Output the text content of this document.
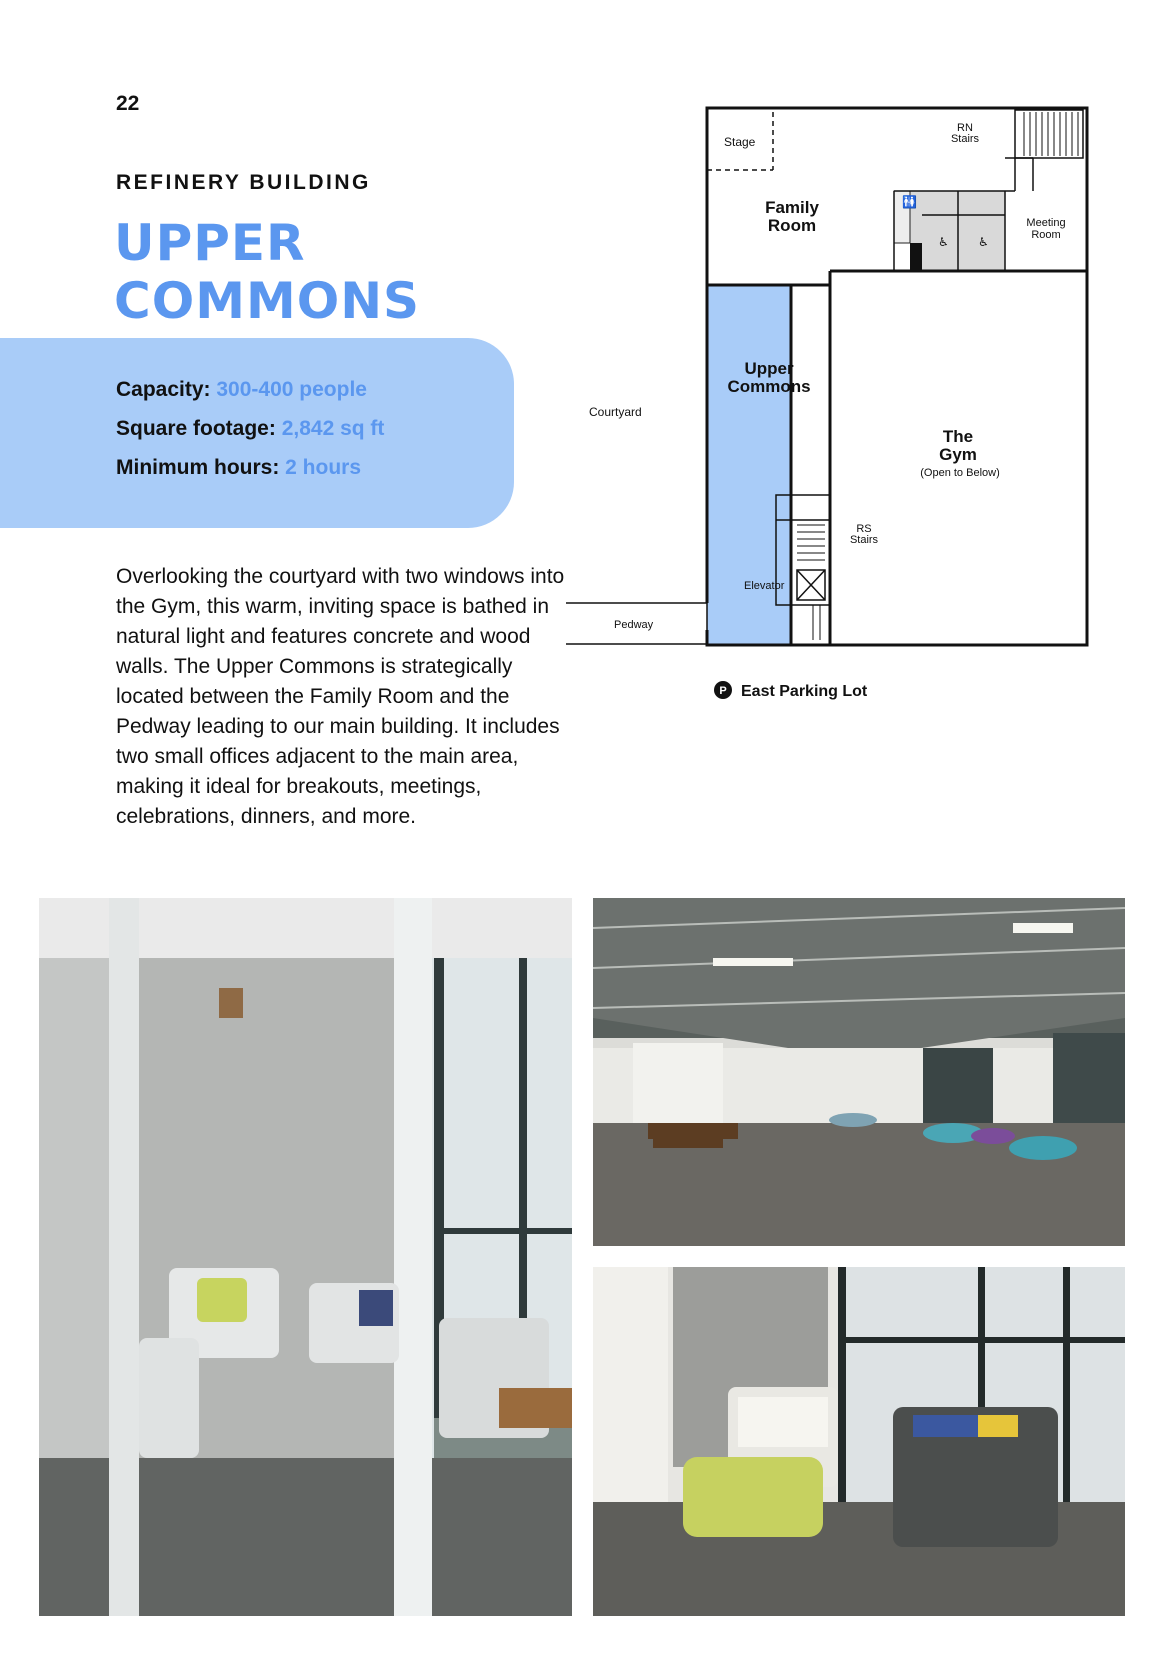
22
REFINERY BUILDING
UPPER
COMMONS
Capacity: 300-400 people
Square footage: 2,842 sq ft
Minimum hours: 2 hours

Overlooking the courtyard with two windows into the Gym, this warm, inviting space is bathed in natural light and features concrete and wood walls. The Upper Commons is strategically located between the Family Room and the Pedway leading to our main building. It includes two small offices adjacent to the main area, making it ideal for breakouts, meetings, celebrations, dinners, and more.

Stage
RN
Stairs
Family
Room	Meeting
Room
Upper
Commons
Courtyard
The
Gym
(Open to Below)
RS
Stairs
Elevator
Pedway
🚻
♿ ♿
P East Parking Lot
